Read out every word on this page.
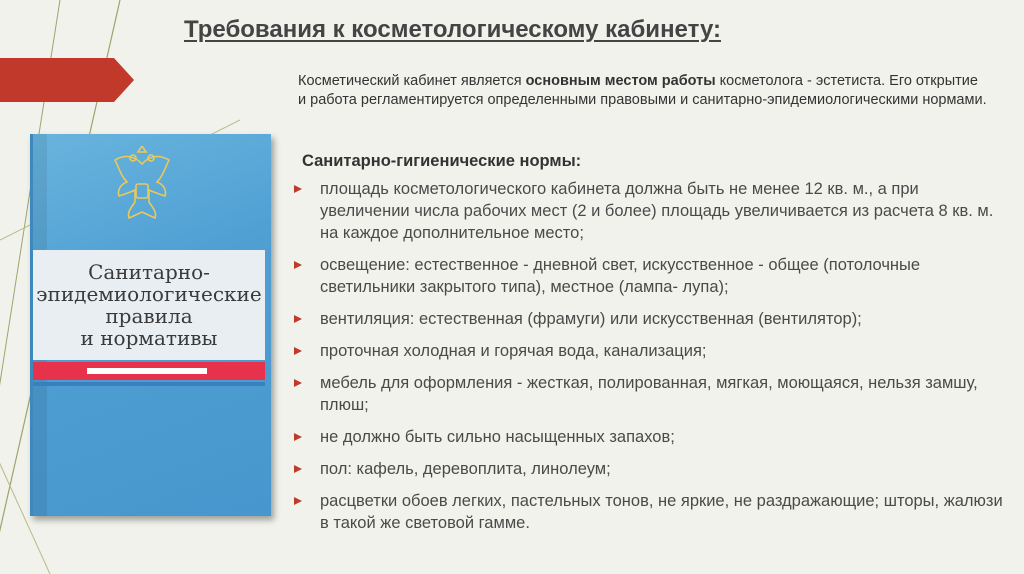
Требования к косметологическому кабинету:
Санитарно-
эпидемиологические
правила
и нормативы
Косметический кабинет является основным местом работы косметолога - эстетиста. Его открытие и работа регламентируется определенными правовыми и санитарно-эпидемиологическими нормами.
Санитарно-гигиенические нормы:
площадь косметологического кабинета должна быть не менее 12 кв. м., а при увеличении числа рабочих мест (2 и более) площадь увеличивается из расчета 8 кв. м. на каждое дополнительное место;
освещение: естественное - дневной свет, искусственное - общее (потолочные светильники закрытого типа), местное (лампа- лупа);
вентиляция: естественная (фрамуги) или искусственная (вентилятор);
проточная холодная и горячая вода, канализация;
мебель для оформления - жесткая, полированная, мягкая, моющаяся, нельзя замшу, плюш;
не должно быть сильно насыщенных запахов;
пол: кафель, деревоплита, линолеум;
расцветки обоев легких, пастельных тонов, не яркие, не раздражающие; шторы, жалюзи в такой же световой гамме.
